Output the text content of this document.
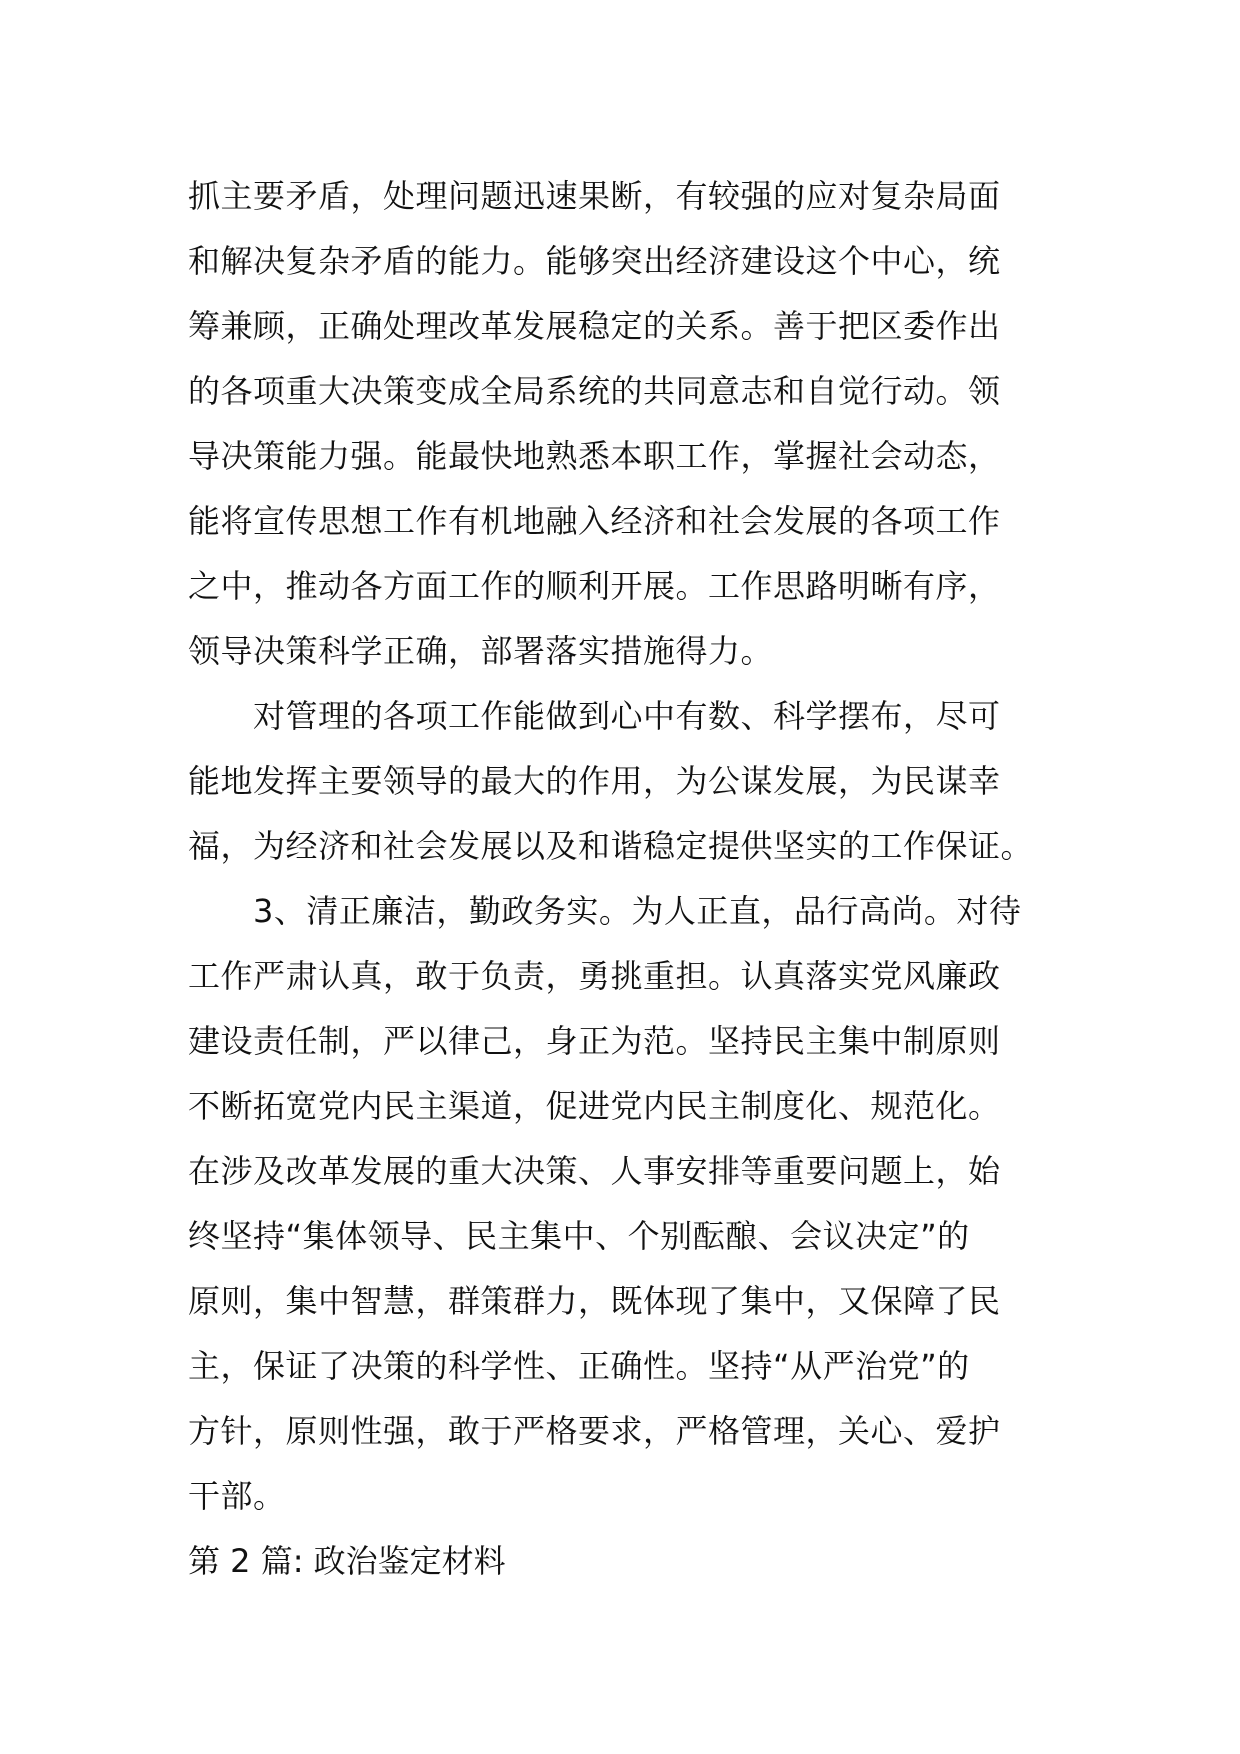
抓主要矛盾，处理问题迅速果断，有较强的应对复杂局面
和解决复杂矛盾的能力。能够突出经济建设这个中心，统
筹兼顾，正确处理改革发展稳定的关系。善于把区委作出
的各项重大决策变成全局系统的共同意志和自觉行动。领
导决策能力强。能最快地熟悉本职工作，掌握社会动态，
能将宣传思想工作有机地融入经济和社会发展的各项工作
之中，推动各方面工作的顺利开展。工作思路明晰有序，
领导决策科学正确，部署落实措施得力。
　　对管理的各项工作能做到心中有数、科学摆布，尽可
能地发挥主要领导的最大的作用，为公谋发展，为民谋幸
福，为经济和社会发展以及和谐稳定提供坚实的工作保证。
　　3、清正廉洁，勤政务实。为人正直，品行高尚。对待
工作严肃认真，敢于负责，勇挑重担。认真落实党风廉政
建设责任制，严以律己，身正为范。坚持民主集中制原则
不断拓宽党内民主渠道，促进党内民主制度化、规范化。
在涉及改革发展的重大决策、人事安排等重要问题上，始
终坚持“集体领导、民主集中、个别酝酿、会议决定”的
原则，集中智慧，群策群力，既体现了集中，又保障了民
主，保证了决策的科学性、正确性。坚持“从严治党”的
方针，原则性强，敢于严格要求，严格管理，关心、爱护
干部。
第 2 篇: 政治鉴定材料
